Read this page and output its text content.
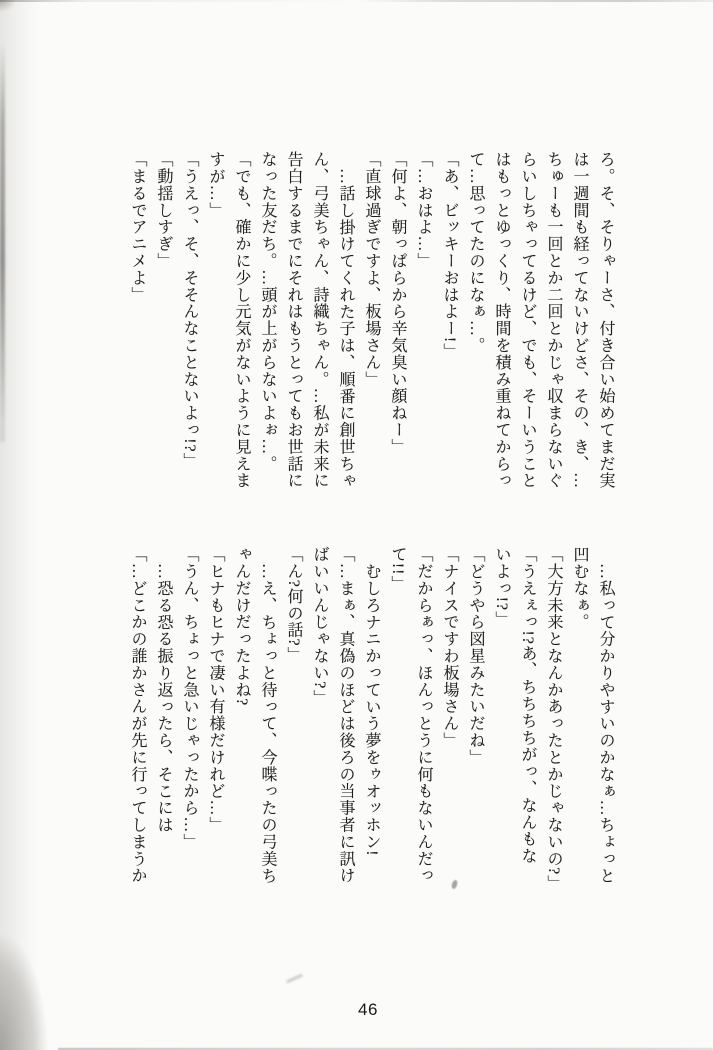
ろ。そ、そりゃーさ、付き合い始めてまだ実
は一週間も経ってないけどさ、その、き、…
ちゅーも一回とか二回とかじゃ収まらないぐ
らいしちゃってるけど、でも、そーいうこと
はもっとゆっくり、時間を積み重ねてからっ
て…思ってたのになぁ…。
「あ、ビッキーおはよー!」
「…おはよ…」
「何よ、朝っぱらから辛気臭い顔ねー」
「直球過ぎですよ、板場さん」
…話し掛けてくれた子は、順番に創世ちゃ
ん、弓美ちゃん、詩織ちゃん。…私が未来に
告白するまでにそれはもうとってもお世話に
なった友だち。…頭が上がらないよぉ…。
「でも、確かに少し元気がないように見えま
すが…」
「うえっ、そ、そそんなことないよっ!?」
「動揺しすぎ」
「まるでアニメよ」
…私って分かりやすいのかなぁ…ちょっと
凹むなぁ。
「大方未来となんかあったとかじゃないの?」
「うえぇっ!?あ、ちちちちがっ、なんもな
いよっ!?」
「どうやら図星みたいだね」
「ナイスですわ板場さん」
「だからぁっ、ほんっとうに何もないんだっ
て!!」
むしろナニかっていう夢をゥオッホン!
「…まぁ、真偽のほどは後ろの当事者に訊け
ばいいんじゃない?」
「ん?何の話?」
…え、ちょっと待って、今喋ったの弓美ち
ゃんだけだったよね?
「ヒナもヒナで凄い有様だけれど…」
「うん、ちょっと急いじゃったから…」
…恐る恐る振り返ったら、そこには
「…どこかの誰かさんが先に行ってしまうか
46
